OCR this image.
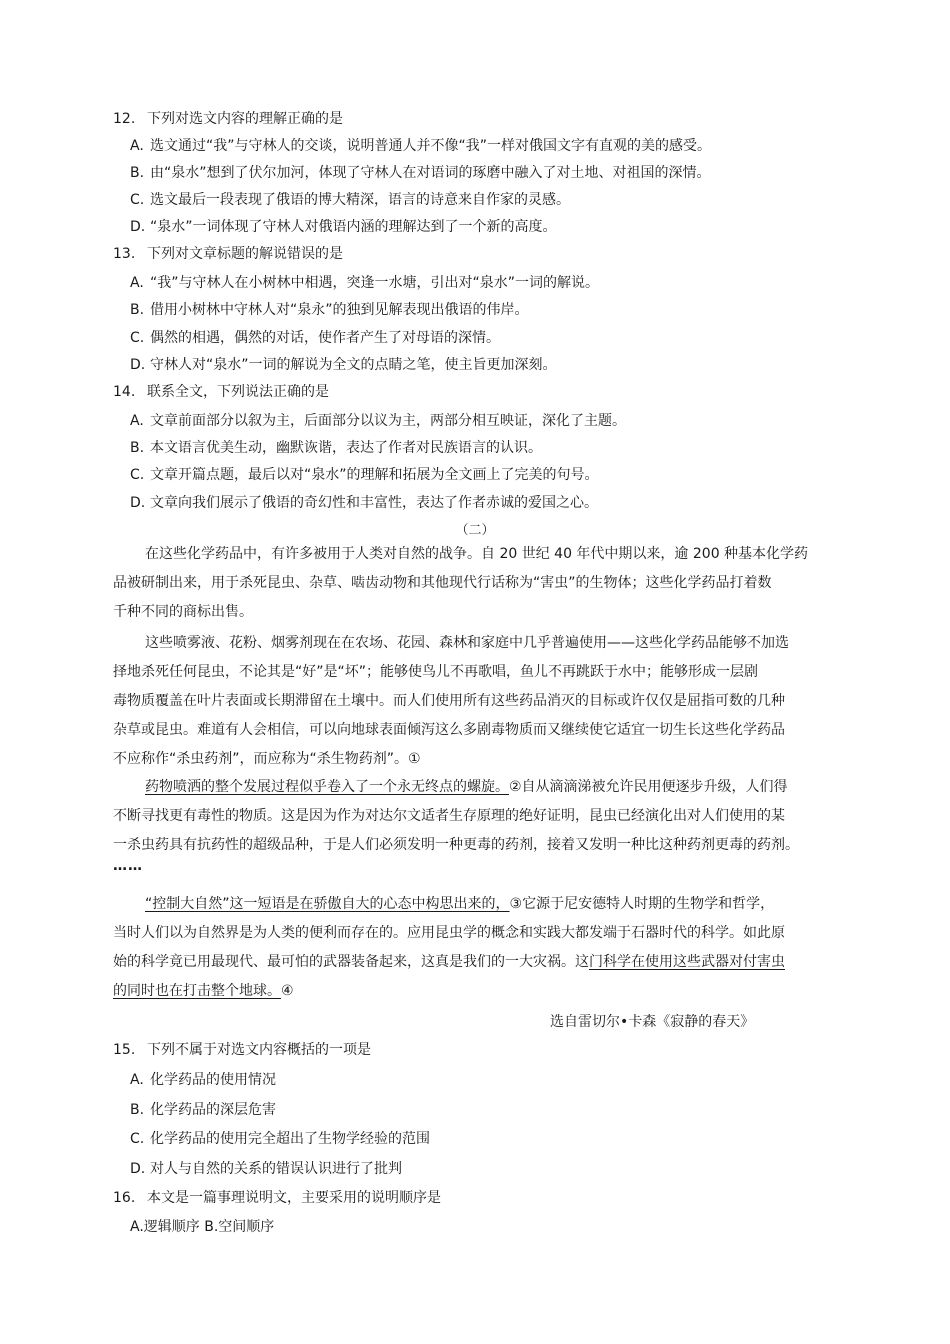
12. 下列对选文内容的理解正确的是
A. 选文通过“我”与守林人的交谈，说明普通人并不像“我”一样对俄国文字有直观的美的感受。
B. 由“泉水”想到了伏尔加河，体现了守林人在对语词的琢磨中融入了对土地、对祖国的深情。
C. 选文最后一段表现了俄语的博大精深，语言的诗意来自作家的灵感。
D. “泉水”一词体现了守林人对俄语内涵的理解达到了一个新的高度。
13. 下列对文章标题的解说错误的是
A. “我”与守林人在小树林中相遇，突逢一水塘，引出对“泉水”一词的解说。
B. 借用小树林中守林人对“泉永”的独到见解表现出俄语的伟岸。
C. 偶然的相遇，偶然的对话，使作者产生了对母语的深情。
D. 守林人对“泉水”一词的解说为全文的点睛之笔，使主旨更加深刻。
14. 联系全文，下列说法正确的是
A. 文章前面部分以叙为主，后面部分以议为主，两部分相互映证，深化了主题。
B. 本文语言优美生动，幽默诙谐，表达了作者对民族语言的认识。
C. 文章开篇点题，最后以对“泉水”的理解和拓展为全文画上了完美的句号。
D. 文章向我们展示了俄语的奇幻性和丰富性，表达了作者赤诚的爱国之心。
（二）
在这些化学药品中，有许多被用于人类对自然的战争。自 20 世纪 40 年代中期以来，逾 200 种基本化学药
品被研制出来，用于杀死昆虫、杂草、啮齿动物和其他现代行话称为“害虫”的生物体；这些化学药品打着数
千种不同的商标出售。
这些喷雾液、花粉、烟雾剂现在在农场、花园、森林和家庭中几乎普遍使用——这些化学药品能够不加选
择地杀死任何昆虫，不论其是“好”是“坏”；能够使鸟儿不再歌唱，鱼儿不再跳跃于水中；能够形成一层剧
毒物质覆盖在叶片表面或长期滞留在土壤中。而人们使用所有这些药品消灭的目标或许仅仅是屈指可数的几种
杂草或昆虫。难道有人会相信，可以向地球表面倾泻这么多剧毒物质而又继续使它适宜一切生长这些化学药品
不应称作“杀虫药剂”，而应称为“杀生物药剂”。①
药物喷洒的整个发展过程似乎卷入了一个永无终点的螺旋。②自从滴滴涕被允许民用便逐步升级，人们得
不断寻找更有毒性的物质。这是因为作为对达尔文适者生存原理的绝好证明，昆虫已经演化出对人们使用的某
一杀虫药具有抗药性的超级品种，于是人们必须发明一种更毒的药剂，接着又发明一种比这种药剂更毒的药剂。
……
“控制大自然”这一短语是在骄傲自大的心态中构思出来的，③它源于尼安德特人时期的生物学和哲学，
当时人们以为自然界是为人类的便利而存在的。应用昆虫学的概念和实践大都发端于石器时代的科学。如此原
始的科学竟已用最现代、最可怕的武器装备起来，这真是我们的一大灾祸。这门科学在使用这些武器对付害虫
的同时也在打击整个地球。④
选自雷切尔•卡森《寂静的春天》
15. 下列不属于对选文内容概括的一项是
A. 化学药品的使用情况
B. 化学药品的深层危害
C. 化学药品的使用完全超出了生物学经验的范围
D. 对人与自然的关系的错误认识进行了批判
16. 本文是一篇事理说明文，主要采用的说明顺序是
A.逻辑顺序 B.空间顺序
